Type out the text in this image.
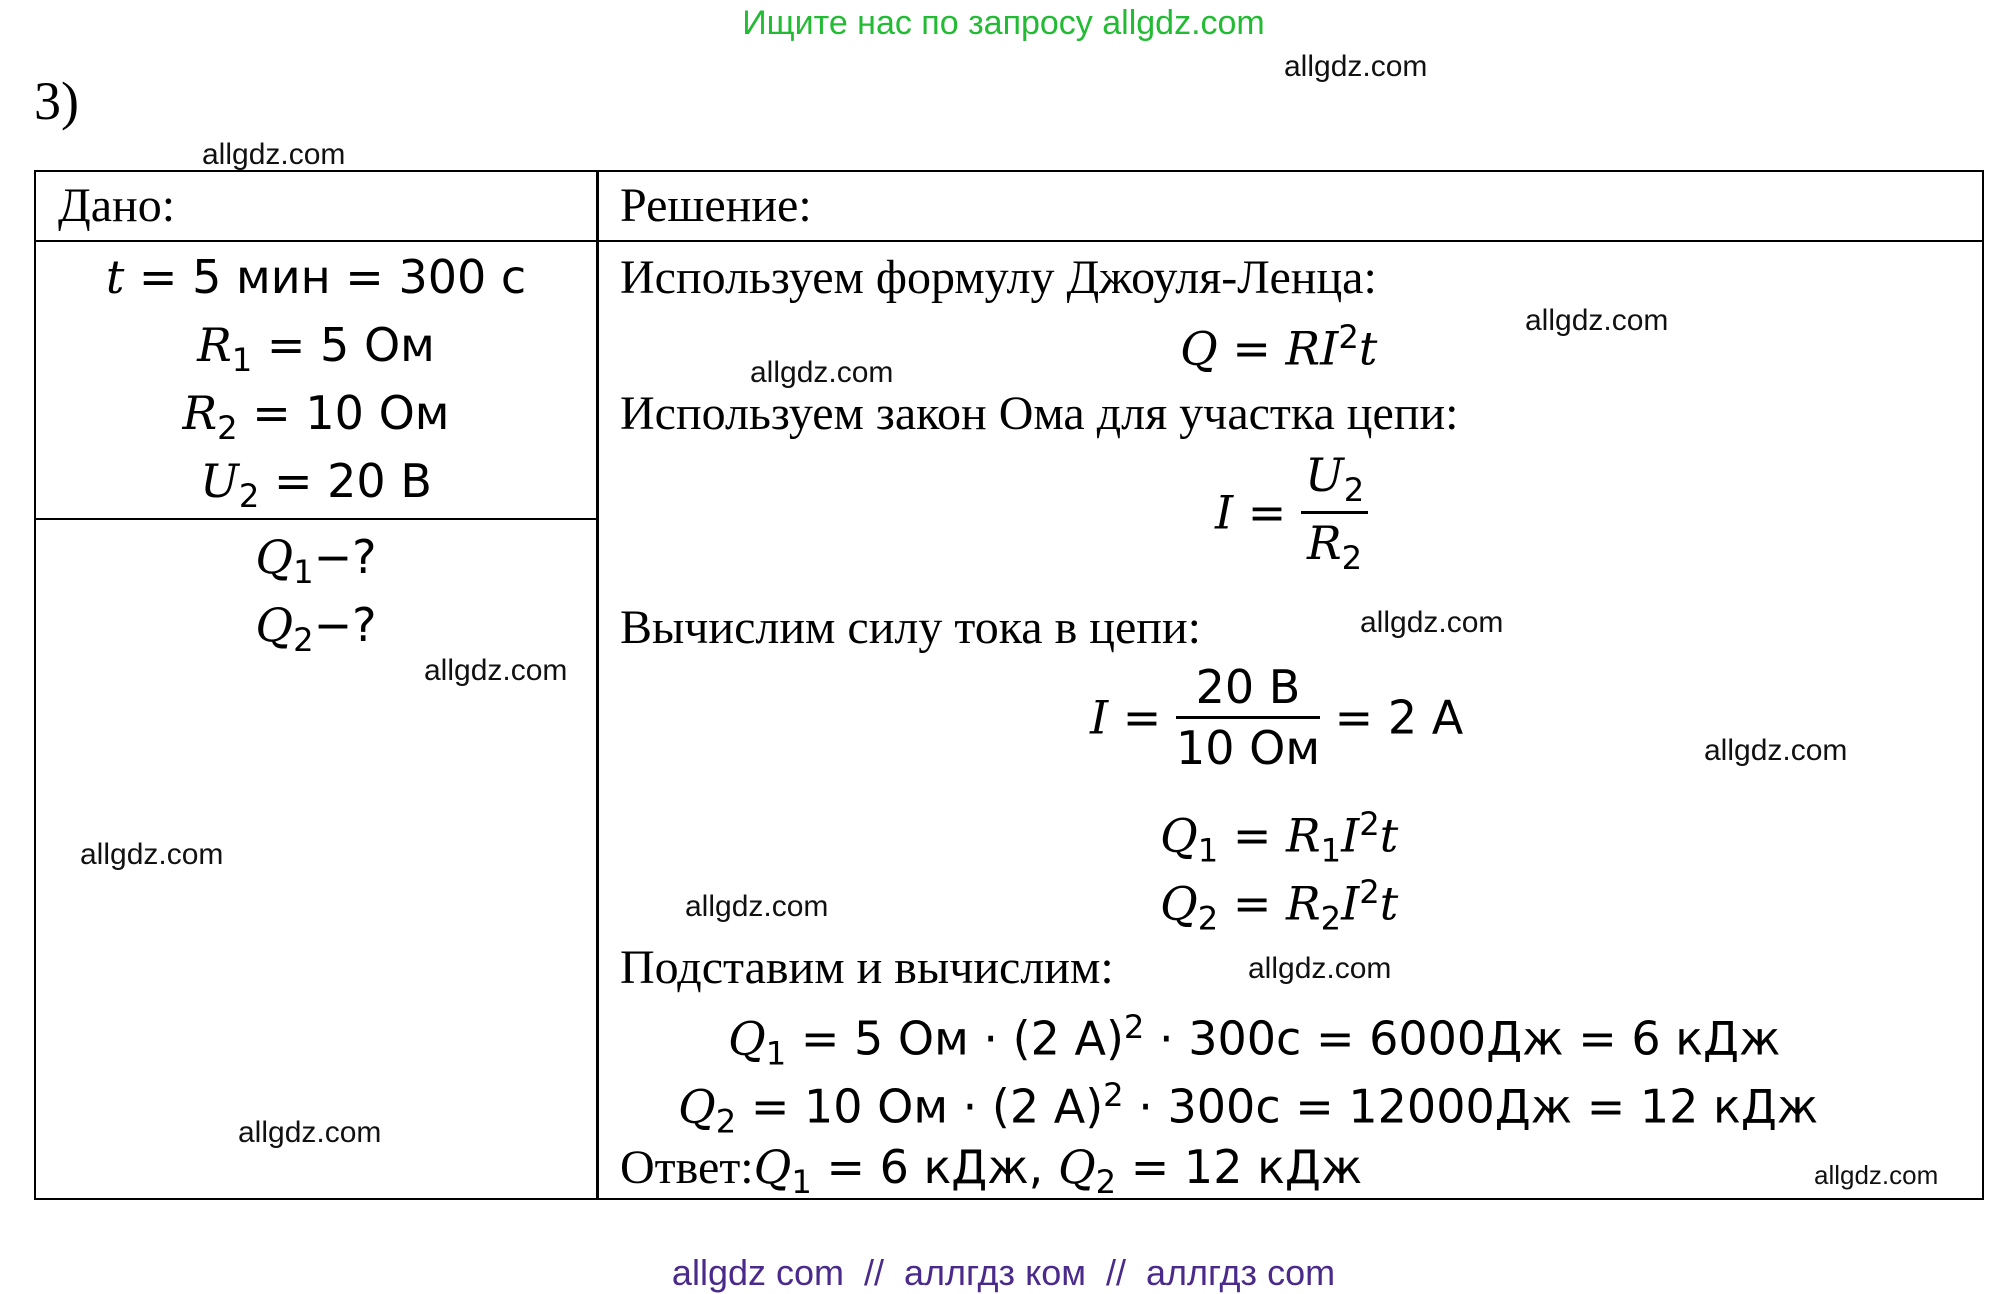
Ищите нас по запросу allgdz.com
3)
Дано:	Решение:
t = 5 мин = 300 с
$R_1 = 5$ Ом
$R_2 = 10$ Ом
$U_2 = 20$ В
$Q_1-$?
$Q_2-$?
Используем формулу Джоуля-Ленца:
$Q = RI^2t$
Используем закон Ома для участка цепи:
$I = \frac{U_2}{R_2}$
Вычислим силу тока в цепи:
$I = \frac{20 В}{10 Ом} = 2$ А
$Q_1 = R_1I^2t$
$Q_2 = R_2I^2t$
Подставим и вычислим:
$Q_1 = 5$ Ом · (2 А)$^2$ · 300с = 6000Дж = 6 кДж
$Q_2 = 10$ Ом · (2 А)$^2$ · 300с = 12000Дж = 12 кДж
$Ответ:Q_1 = 6$ кДж, $Q_2 = 12$ кДж
allgdz.com
allgdz.com
allgdz.com
allgdz.com
allgdz.com
allgdz.com
allgdz.com
allgdz.com
allgdz.com
allgdz.com
allgdz.com
allgdz.com
allgdz com  //  аллгдз ком  //  аллгдз com
